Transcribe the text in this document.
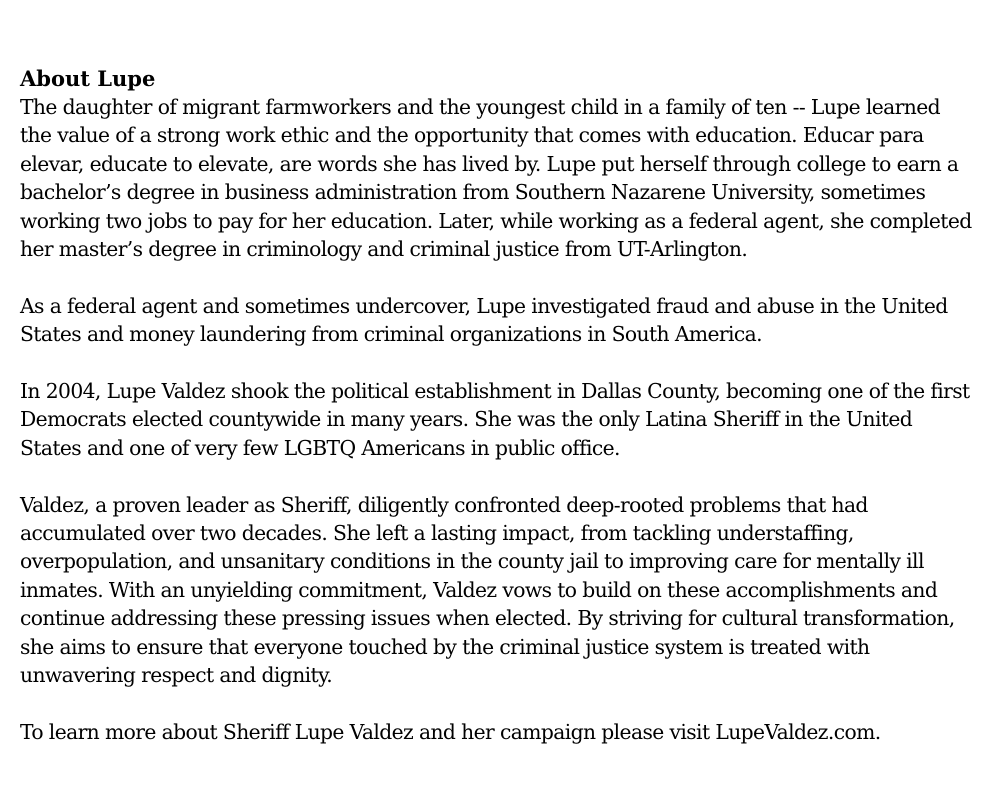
About Lupe

The daughter of migrant farmworkers and the youngest child in a family of ten -- Lupe learned the value of a strong work ethic and the opportunity that comes with education. Educar para elevar, educate to elevate, are words she has lived by. Lupe put herself through college to earn a bachelor’s degree in business administration from Southern Nazarene University, sometimes working two jobs to pay for her education. Later, while working as a federal agent, she completed her master’s degree in criminology and criminal justice from UT-Arlington.

As a federal agent and sometimes undercover, Lupe investigated fraud and abuse in the United States and money laundering from criminal organizations in South America.

In 2004, Lupe Valdez shook the political establishment in Dallas County, becoming one of the first Democrats elected countywide in many years. She was the only Latina Sheriff in the United States and one of very few LGBTQ Americans in public office.

Valdez, a proven leader as Sheriff, diligently confronted deep-rooted problems that had accumulated over two decades. She left a lasting impact, from tackling understaffing, overpopulation, and unsanitary conditions in the county jail to improving care for mentally ill inmates. With an unyielding commitment, Valdez vows to build on these accomplishments and continue addressing these pressing issues when elected. By striving for cultural transformation, she aims to ensure that everyone touched by the criminal justice system is treated with unwavering respect and dignity.

To learn more about Sheriff Lupe Valdez and her campaign please visit LupeValdez.com.
